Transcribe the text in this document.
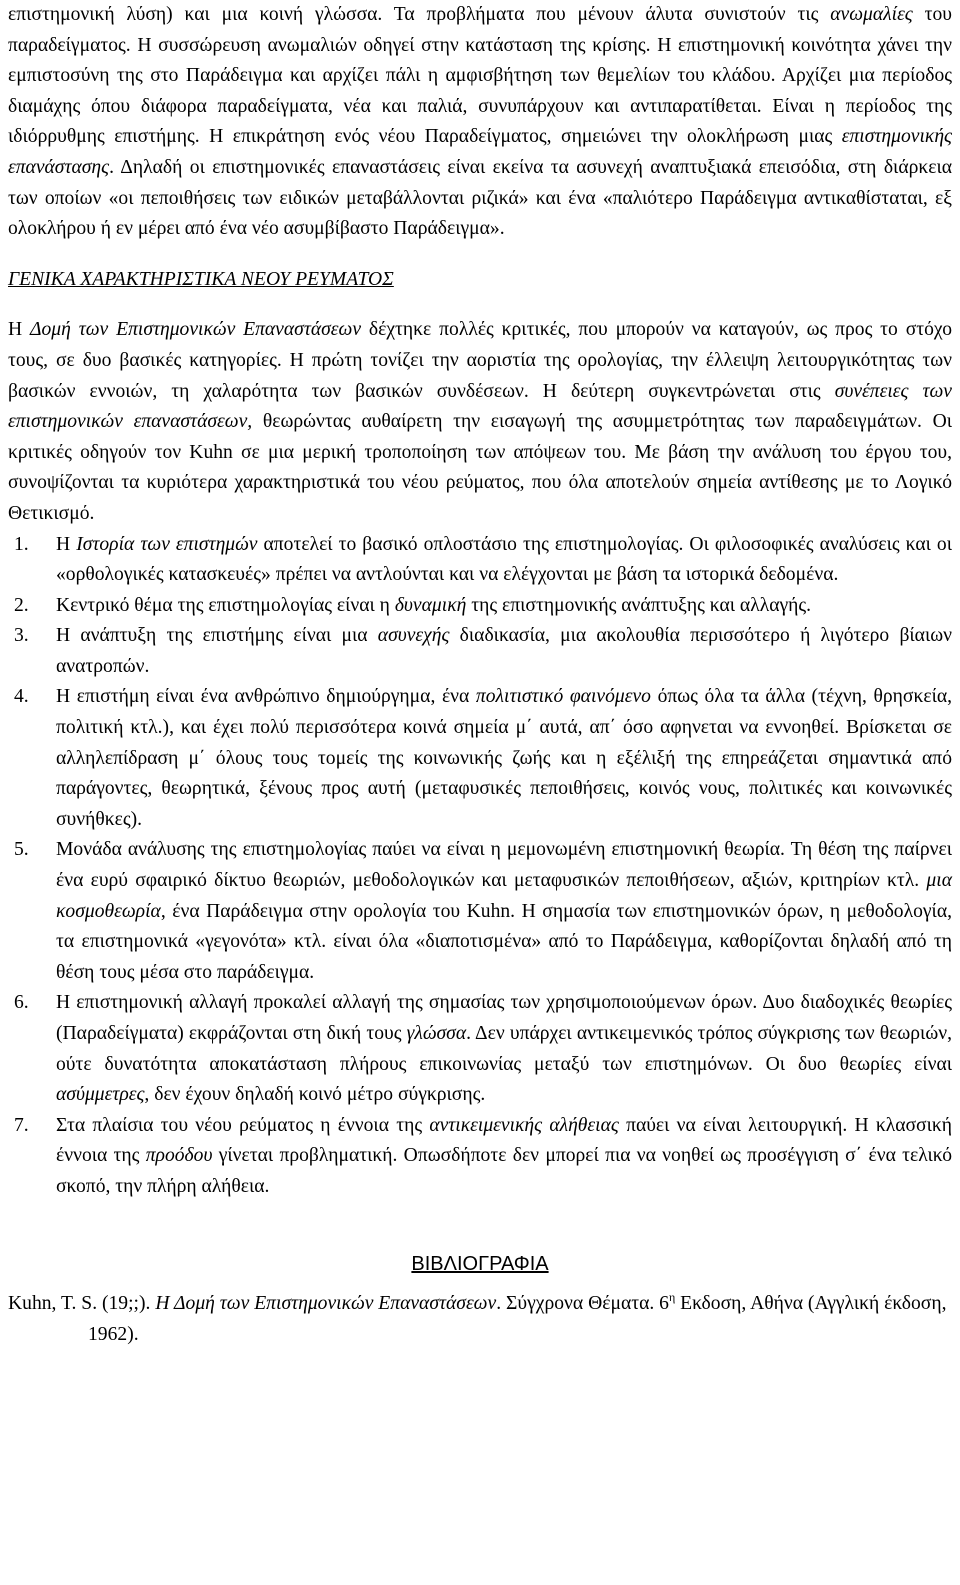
επιστημονική λύση) και μια κοινή γλώσσα. Τα προβλήματα που μένουν άλυτα συνιστούν τις ανωμαλίες του παραδείγματος. Η συσσώρευση ανωμαλιών οδηγεί στην κατάσταση της κρίσης. Η επιστημονική κοινότητα χάνει την εμπιστοσύνη της στο Παράδειγμα και αρχίζει πάλι η αμφισβήτηση των θεμελίων του κλάδου. Αρχίζει μια περίοδος διαμάχης όπου διάφορα παραδείγματα, νέα και παλιά, συνυπάρχουν και αντιπαρατίθεται. Είναι η περίοδος της ιδιόρρυθμης επιστήμης. Η επικράτηση ενός νέου Παραδείγματος, σημειώνει την ολοκλήρωση μιας επιστημονικής επανάστασης. Δηλαδή οι επιστημονικές επαναστάσεις είναι εκείνα τα ασυνεχή αναπτυξιακά επεισόδια, στη διάρκεια των οποίων «οι πεποιθήσεις των ειδικών μεταβάλλονται ριζικά» και ένα «παλιότερο Παράδειγμα αντικαθίσταται, εξ ολοκλήρου ή εν μέρει από ένα νέο ασυμβίβαστο Παράδειγμα».

ΓΕΝΙΚΑ ΧΑΡΑΚΤΗΡΙΣΤΙΚΑ ΝΕΟΥ ΡΕΥΜΑΤΟΣ

Η Δομή των Επιστημονικών Επαναστάσεων δέχτηκε πολλές κριτικές, που μπορούν να καταγούν, ως προς το στόχο τους, σε δυο βασικές κατηγορίες. Η πρώτη τονίζει την αοριστία της ορολογίας, την έλλειψη λειτουργικότητας των βασικών εννοιών, τη χαλαρότητα των βασικών συνδέσεων. Η δεύτερη συγκεντρώνεται στις συνέπειες των επιστημονικών επαναστάσεων, θεωρώντας αυθαίρετη την εισαγωγή της ασυμμετρότητας των παραδειγμάτων. Οι κριτικές οδηγούν τον Kuhn σε μια μερική τροποποίηση των απόψεων του. Με βάση την ανάλυση του έργου του, συνοψίζονται τα κυριότερα χαρακτηριστικά του νέου ρεύματος, που όλα αποτελούν σημεία αντίθεσης με το Λογικό Θετικισμό.

1.	Η Ιστορία των επιστημών αποτελεί το βασικό οπλοστάσιο της επιστημολογίας. Οι φιλοσοφικές αναλύσεις και οι «ορθολογικές κατασκευές» πρέπει να αντλούνται και να ελέγχονται με βάση τα ιστορικά δεδομένα.
2.	Κεντρικό θέμα της επιστημολογίας είναι η δυναμική της επιστημονικής ανάπτυξης και αλλαγής.
3.	Η ανάπτυξη της επιστήμης είναι μια ασυνεχής διαδικασία, μια ακολουθία περισσότερο ή λιγότερο βίαιων ανατροπών.
4.	Η επιστήμη είναι ένα ανθρώπινο δημιούργημα, ένα πολιτιστικό φαινόμενο όπως όλα τα άλλα (τέχνη, θρησκεία, πολιτική κτλ.), και έχει πολύ περισσότερα κοινά σημεία μ΄ αυτά, απ΄ όσο αφηνεται να εννοηθεί. Βρίσκεται σε αλληλεπίδραση μ΄ όλους τους τομείς της κοινωνικής ζωής και η εξέλιξή της επηρεάζεται σημαντικά από παράγοντες, θεωρητικά, ξένους προς αυτή (μεταφυσικές πεποιθήσεις, κοινός νους, πολιτικές και κοινωνικές συνήθκες).
5.	Μονάδα ανάλυσης της επιστημολογίας παύει να είναι η μεμονωμένη επιστημονική θεωρία. Τη θέση της παίρνει ένα ευρύ σφαιρικό δίκτυο θεωριών, μεθοδολογικών και μεταφυσικών πεποιθήσεων, αξιών, κριτηρίων κτλ. μια κοσμοθεωρία, ένα Παράδειγμα στην ορολογία του Kuhn. Η σημασία των επιστημονικών όρων, η μεθοδολογία, τα επιστημονικά «γεγονότα» κτλ. είναι όλα «διαποτισμένα» από το Παράδειγμα, καθορίζονται δηλαδή από τη θέση τους μέσα στο παράδειγμα.
6.	Η επιστημονική αλλαγή προκαλεί αλλαγή της σημασίας των χρησιμοποιούμενων όρων. Δυο διαδοχικές θεωρίες (Παραδείγματα) εκφράζονται στη δική τους γλώσσα. Δεν υπάρχει αντικειμενικός τρόπος σύγκρισης των θεωριών, ούτε δυνατότητα αποκατάσταση πλήρους επικοινωνίας μεταξύ των επιστημόνων. Οι δυο θεωρίες είναι ασύμμετρες, δεν έχουν δηλαδή κοινό μέτρο σύγκρισης.
7.	Στα πλαίσια του νέου ρεύματος η έννοια της αντικειμενικής αλήθειας παύει να είναι λειτουργική. Η κλασσική έννοια της προόδου γίνεται προβληματική. Οπωσδήποτε δεν μπορεί πια να νοηθεί ως προσέγγιση σ΄ ένα τελικό σκοπό, την πλήρη αλήθεια.

ΒΙΒΛΙΟΓΡΑΦΙΑ

Kuhn, T. S. (19;;). Η Δομή των Επιστημονικών Επαναστάσεων. Σύγχρονα Θέματα. $6^\eta$ Εκδοση, Αθήνα (Αγγλική έκδοση, 1962).
